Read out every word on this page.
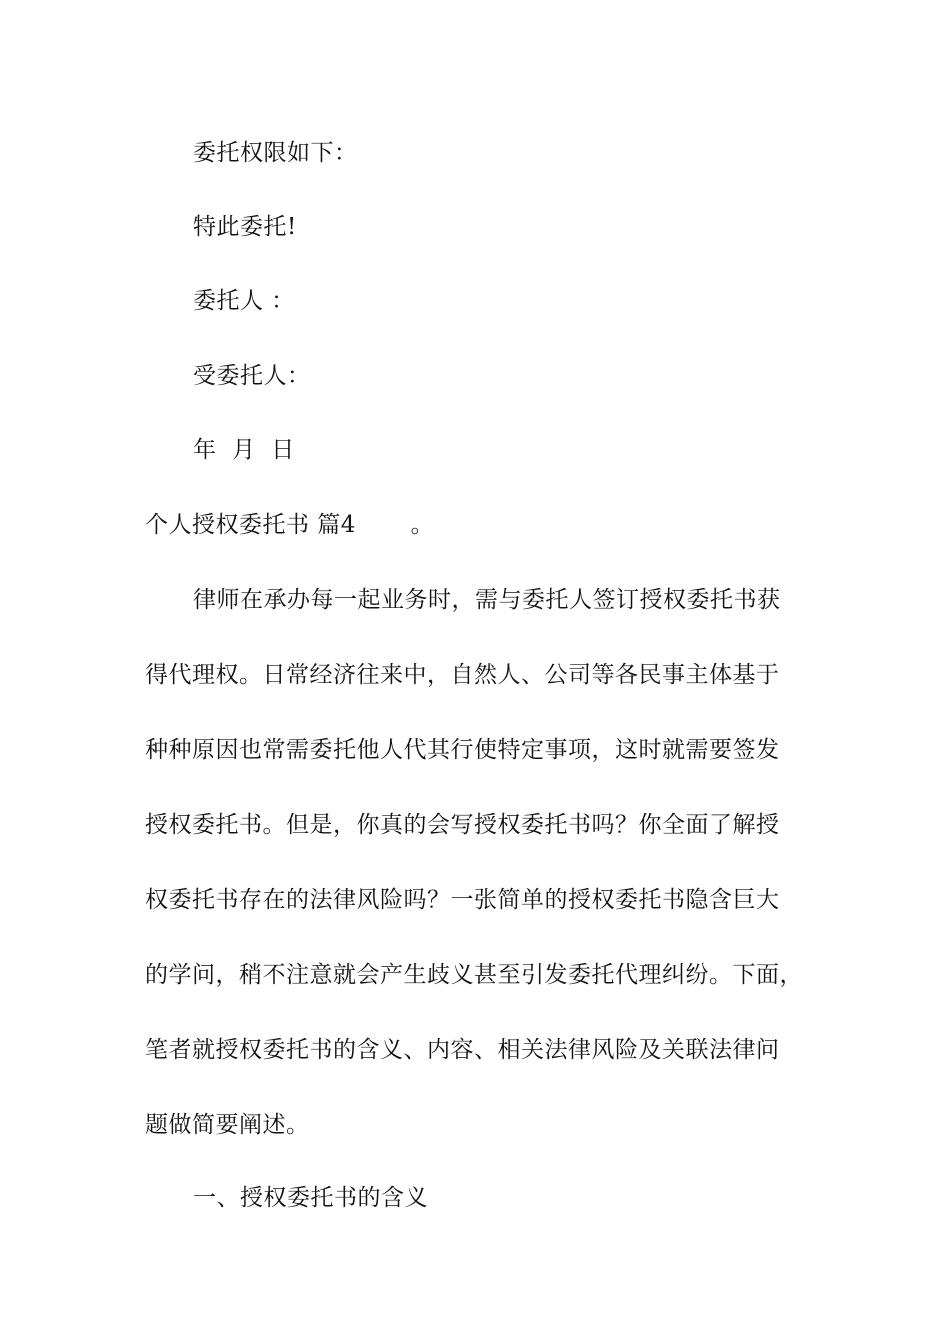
委托权限如下：

特此委托!

委托人 ：

受委托人：

年  月  日

个人授权委托书 篇4       。

律师在承办每一起业务时，需与委托人签订授权委托书获
得代理权。日常经济往来中，自然人、公司等各民事主体基于
种种原因也常需委托他人代其行使特定事项，这时就需要签发
授权委托书。但是，你真的会写授权委托书吗？你全面了解授
权委托书存在的法律风险吗？一张简单的授权委托书隐含巨大
的学问，稍不注意就会产生歧义甚至引发委托代理纠纷。下面，
笔者就授权委托书的含义、内容、相关法律风险及关联法律问
题做简要阐述。

一、授权委托书的含义
